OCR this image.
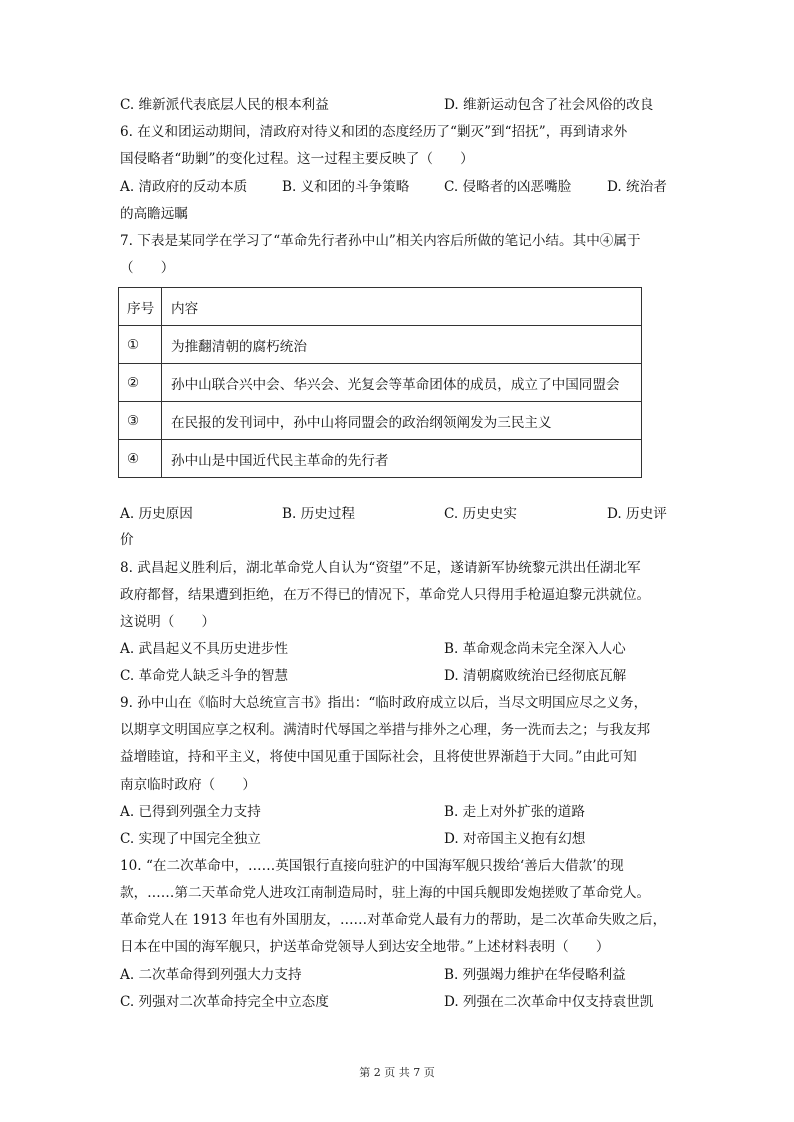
C. 维新派代表底层人民的根本利益	D. 维新运动包含了社会风俗的改良
6. 在义和团运动期间，清政府对待义和团的态度经历了“剿灭”到“招抚”，再到请求外
国侵略者“助剿”的变化过程。这一过程主要反映了（　　）
A. 清政府的反动本质	B. 义和团的斗争策略	C. 侵略者的凶恶嘴脸	D. 统治者
的高瞻远瞩
7. 下表是某同学在学习了“革命先行者孙中山”相关内容后所做的笔记小结。其中④属于
（　　）
序号	内容
①	为推翻清朝的腐朽统治
②	孙中山联合兴中会、华兴会、光复会等革命团体的成员，成立了中国同盟会
③	在民报的发刊词中，孙中山将同盟会的政治纲领阐发为三民主义
④	孙中山是中国近代民主革命的先行者
A. 历史原因	B. 历史过程	C. 历史史实	D. 历史评
价
8. 武昌起义胜利后，湖北革命党人自认为“资望”不足，遂请新军协统黎元洪出任湖北军
政府都督，结果遭到拒绝，在万不得已的情况下，革命党人只得用手枪逼迫黎元洪就位。
这说明（　　）
A. 武昌起义不具历史进步性	B. 革命观念尚未完全深入人心
C. 革命党人缺乏斗争的智慧	D. 清朝腐败统治已经彻底瓦解
9. 孙中山在《临时大总统宣言书》指出：“临时政府成立以后，当尽文明国应尽之义务，
以期享文明国应享之权利。满清时代辱国之举措与排外之心理，务一洗而去之；与我友邦
益增睦谊，持和平主义，将使中国见重于国际社会，且将使世界渐趋于大同。”由此可知
南京临时政府（　　）
A. 已得到列强全力支持	B. 走上对外扩张的道路
C. 实现了中国完全独立	D. 对帝国主义抱有幻想
10. “在二次革命中，……英国银行直接向驻沪的中国海军舰只拨给‘善后大借款’的现
款，……第二天革命党人进攻江南制造局时，驻上海的中国兵舰即发炮搓败了革命党人。
革命党人在 1913 年也有外国朋友，……对革命党人最有力的帮助，是二次革命失败之后，
日本在中国的海军舰只，护送革命党领导人到达安全地带。”上述材料表明（　　）
A. 二次革命得到列强大力支持	B. 列强竭力维护在华侵略利益
C. 列强对二次革命持完全中立态度	D. 列强在二次革命中仅支持袁世凯
第 2 页 共 7 页
